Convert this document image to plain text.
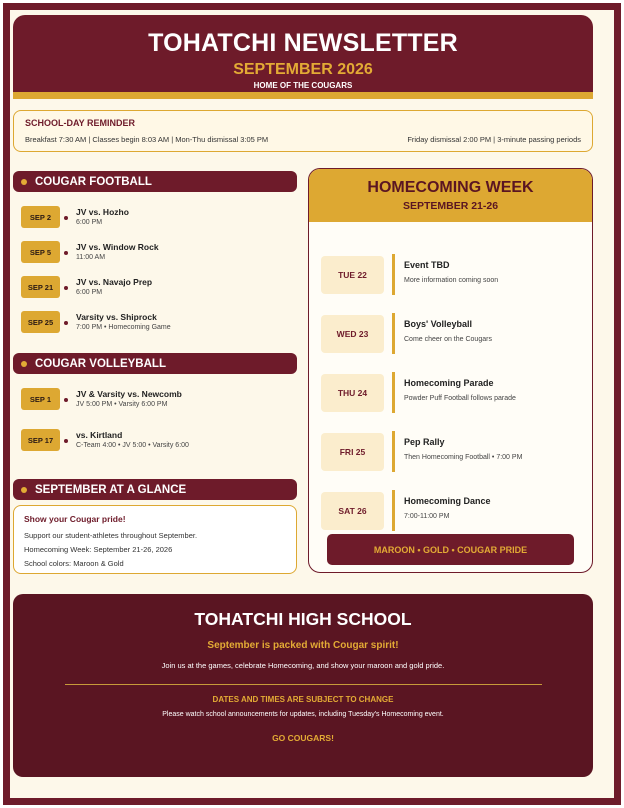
TOHATCHI NEWSLETTER
SEPTEMBER 2026
HOME OF THE COUGARS
SCHOOL-DAY REMINDER
Breakfast 7:30 AM | Classes begin 8:03 AM | Mon-Thu dismissal 3:05 PM	Friday dismissal 2:00 PM | 3-minute passing periods
COUGAR FOOTBALL
SEP 2	JV vs. Hozho
6:00 PM
SEP 5	JV vs. Window Rock
11:00 AM
SEP 21	JV vs. Navajo Prep
6:00 PM
SEP 25	Varsity vs. Shiprock
7:00 PM • Homecoming Game
COUGAR VOLLEYBALL
SEP 1	JV & Varsity vs. Newcomb
JV 5:00 PM • Varsity 6:00 PM
SEP 17	vs. Kirtland
C-Team 4:00 • JV 5:00 • Varsity 6:00
SEPTEMBER AT A GLANCE
Show your Cougar pride!
Support our student-athletes throughout September.
Homecoming Week: September 21-26, 2026
School colors: Maroon & Gold
HOMECOMING WEEK
SEPTEMBER 21-26
TUE 22
Event TBD
More information coming soon
WED 23
Boys' Volleyball
Come cheer on the Cougars
THU 24
Homecoming Parade
Powder Puff Football follows parade
FRI 25
Pep Rally
Then Homecoming Football • 7:00 PM
SAT 26
Homecoming Dance
7:00-11:00 PM
MAROON • GOLD • COUGAR PRIDE
TOHATCHI HIGH SCHOOL
September is packed with Cougar spirit!
Join us at the games, celebrate Homecoming, and show your maroon and gold pride.
DATES AND TIMES ARE SUBJECT TO CHANGE
Please watch school announcements for updates, including Tuesday's Homecoming event.
GO COUGARS!
